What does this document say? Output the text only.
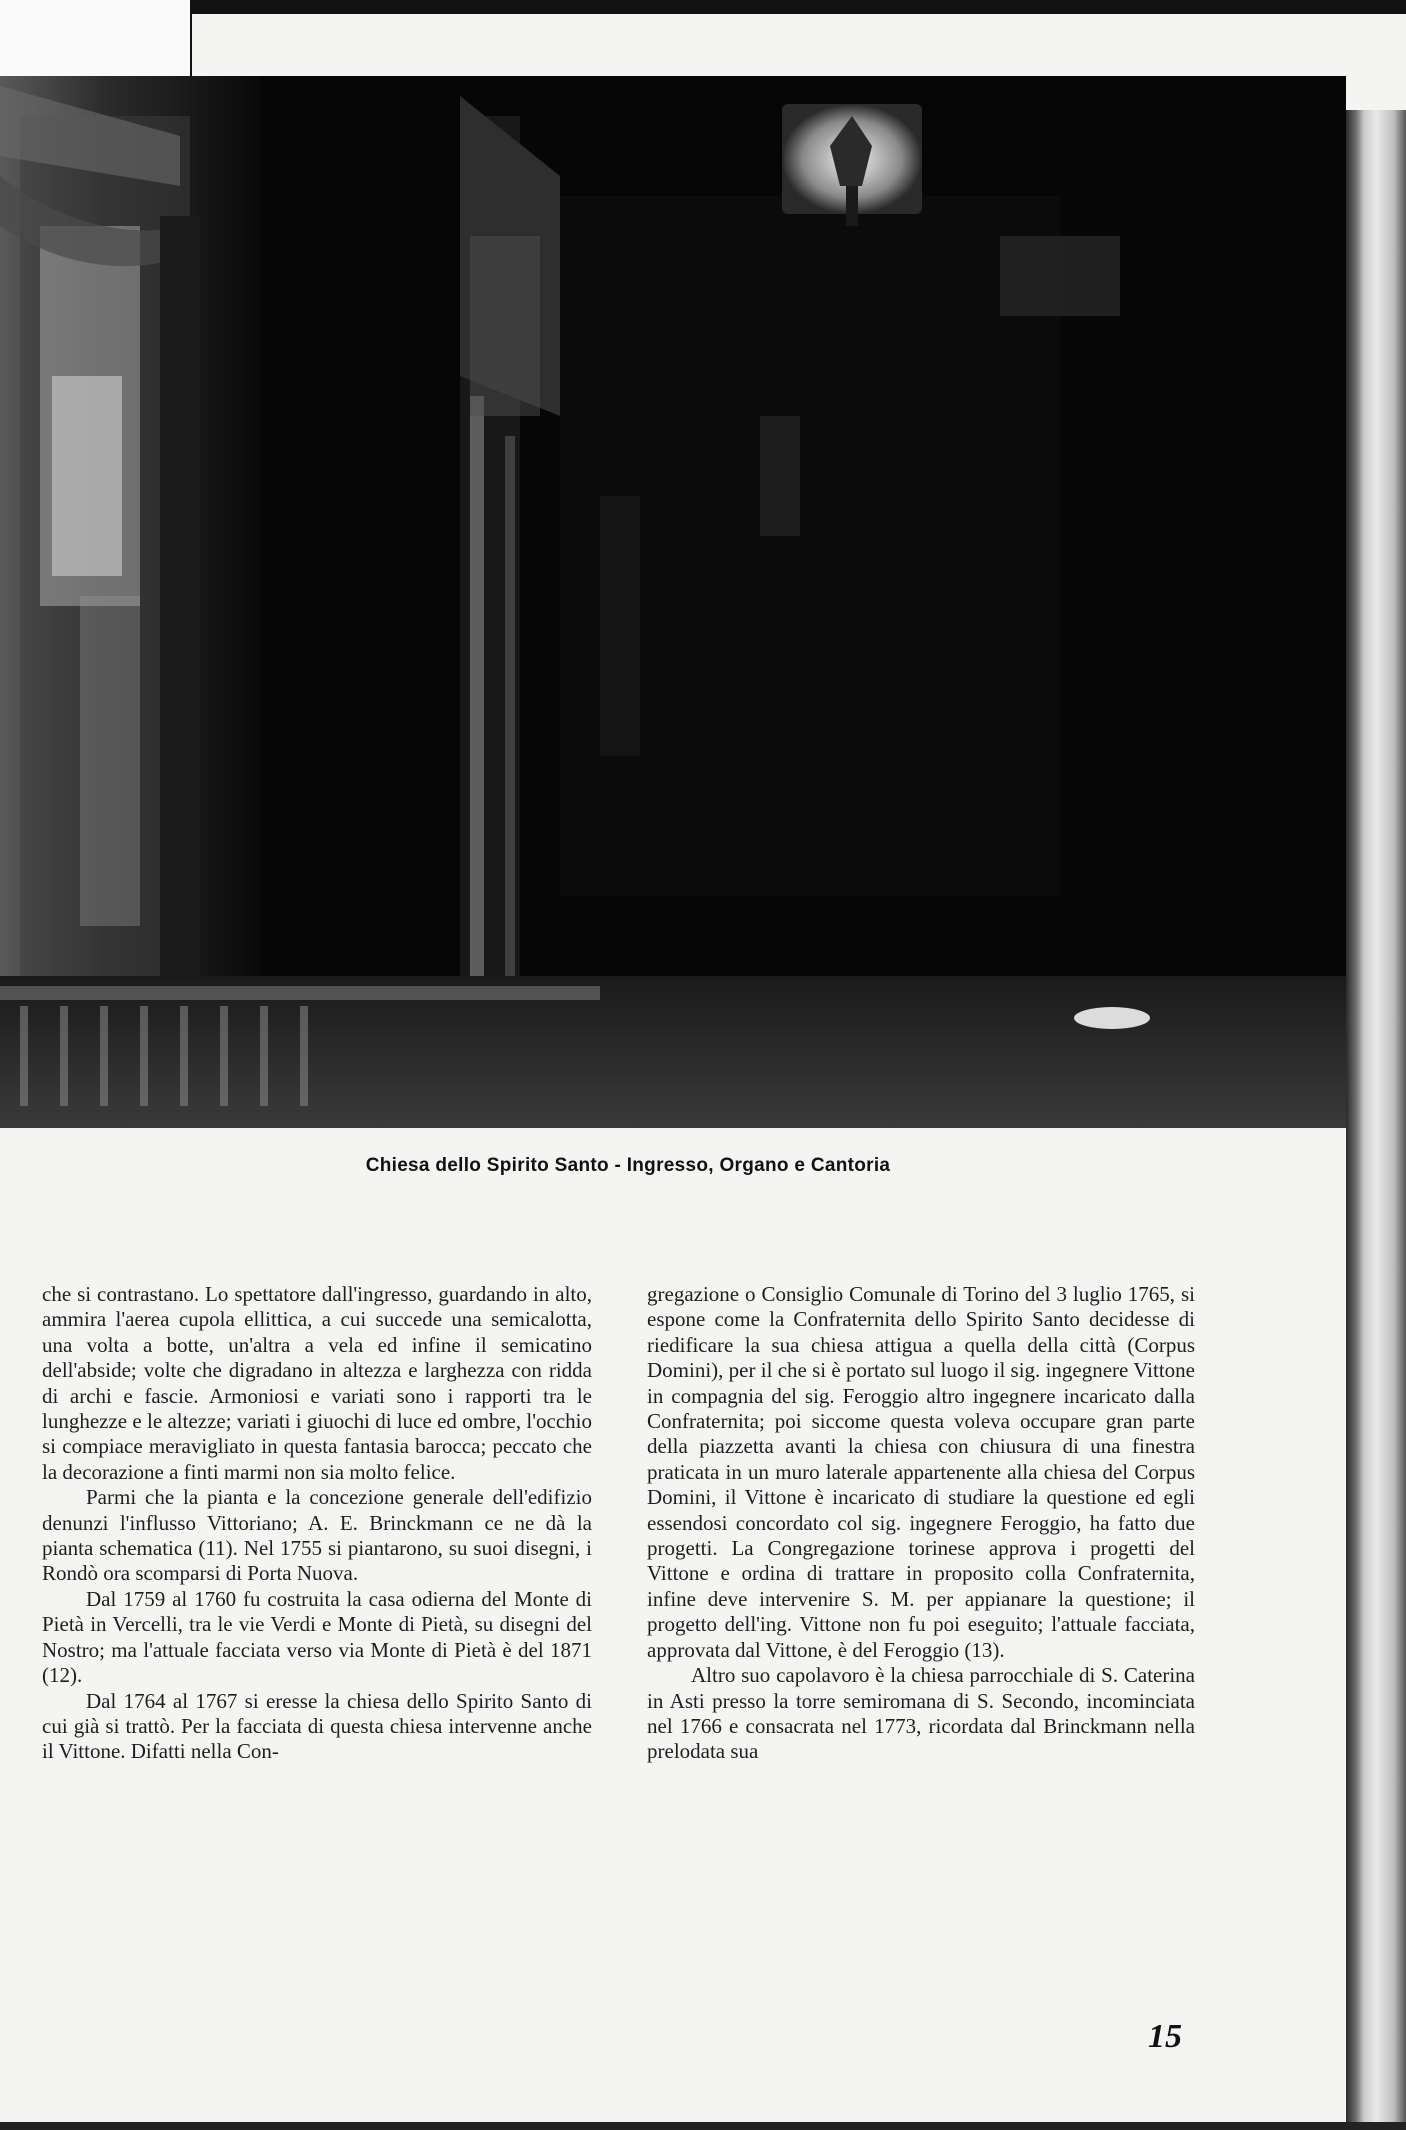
Chiesa dello Spirito Santo - Ingresso, Organo e Cantoria

che si contrastano. Lo spettatore dall'ingresso, guardando in alto, ammira l'aerea cupola ellittica, a cui succede una semicalotta, una volta a botte, un'altra a vela ed infine il semicatino dell'abside; volte che digradano in altezza e larghezza con ridda di archi e fascie. Armoniosi e variati sono i rapporti tra le lunghezze e le altezze; variati i giuochi di luce ed ombre, l'occhio si compiace meravigliato in questa fantasia barocca; peccato che la decorazione a finti marmi non sia molto felice.

Parmi che la pianta e la concezione generale dell'edifizio denunzi l'influsso Vittoriano; A. E. Brinckmann ce ne dà la pianta schematica (11). Nel 1755 si piantarono, su suoi disegni, i Rondò ora scomparsi di Porta Nuova.

Dal 1759 al 1760 fu costruita la casa odierna del Monte di Pietà in Vercelli, tra le vie Verdi e Monte di Pietà, su disegni del Nostro; ma l'attuale facciata verso via Monte di Pietà è del 1871 (12).

Dal 1764 al 1767 si eresse la chiesa dello Spirito Santo di cui già si trattò. Per la facciata di questa chiesa intervenne anche il Vittone. Difatti nella Con-

gregazione o Consiglio Comunale di Torino del 3 luglio 1765, si espone come la Confraternita dello Spirito Santo decidesse di riedificare la sua chiesa attigua a quella della città (Corpus Domini), per il che si è portato sul luogo il sig. ingegnere Vittone in compagnia del sig. Feroggio altro ingegnere incaricato dalla Confraternita; poi siccome questa voleva occupare gran parte della piazzetta avanti la chiesa con chiusura di una finestra praticata in un muro laterale appartenente alla chiesa del Corpus Domini, il Vittone è incaricato di studiare la questione ed egli essendosi concordato col sig. ingegnere Feroggio, ha fatto due progetti. La Congregazione torinese approva i progetti del Vittone e ordina di trattare in proposito colla Confraternita, infine deve intervenire S. M. per appianare la questione; il progetto dell'ing. Vittone non fu poi eseguito; l'attuale facciata, approvata dal Vittone, è del Feroggio (13).

Altro suo capolavoro è la chiesa parrocchiale di S. Caterina in Asti presso la torre semiromana di S. Secondo, incominciata nel 1766 e consacrata nel 1773, ricordata dal Brinckmann nella prelodata sua

15
